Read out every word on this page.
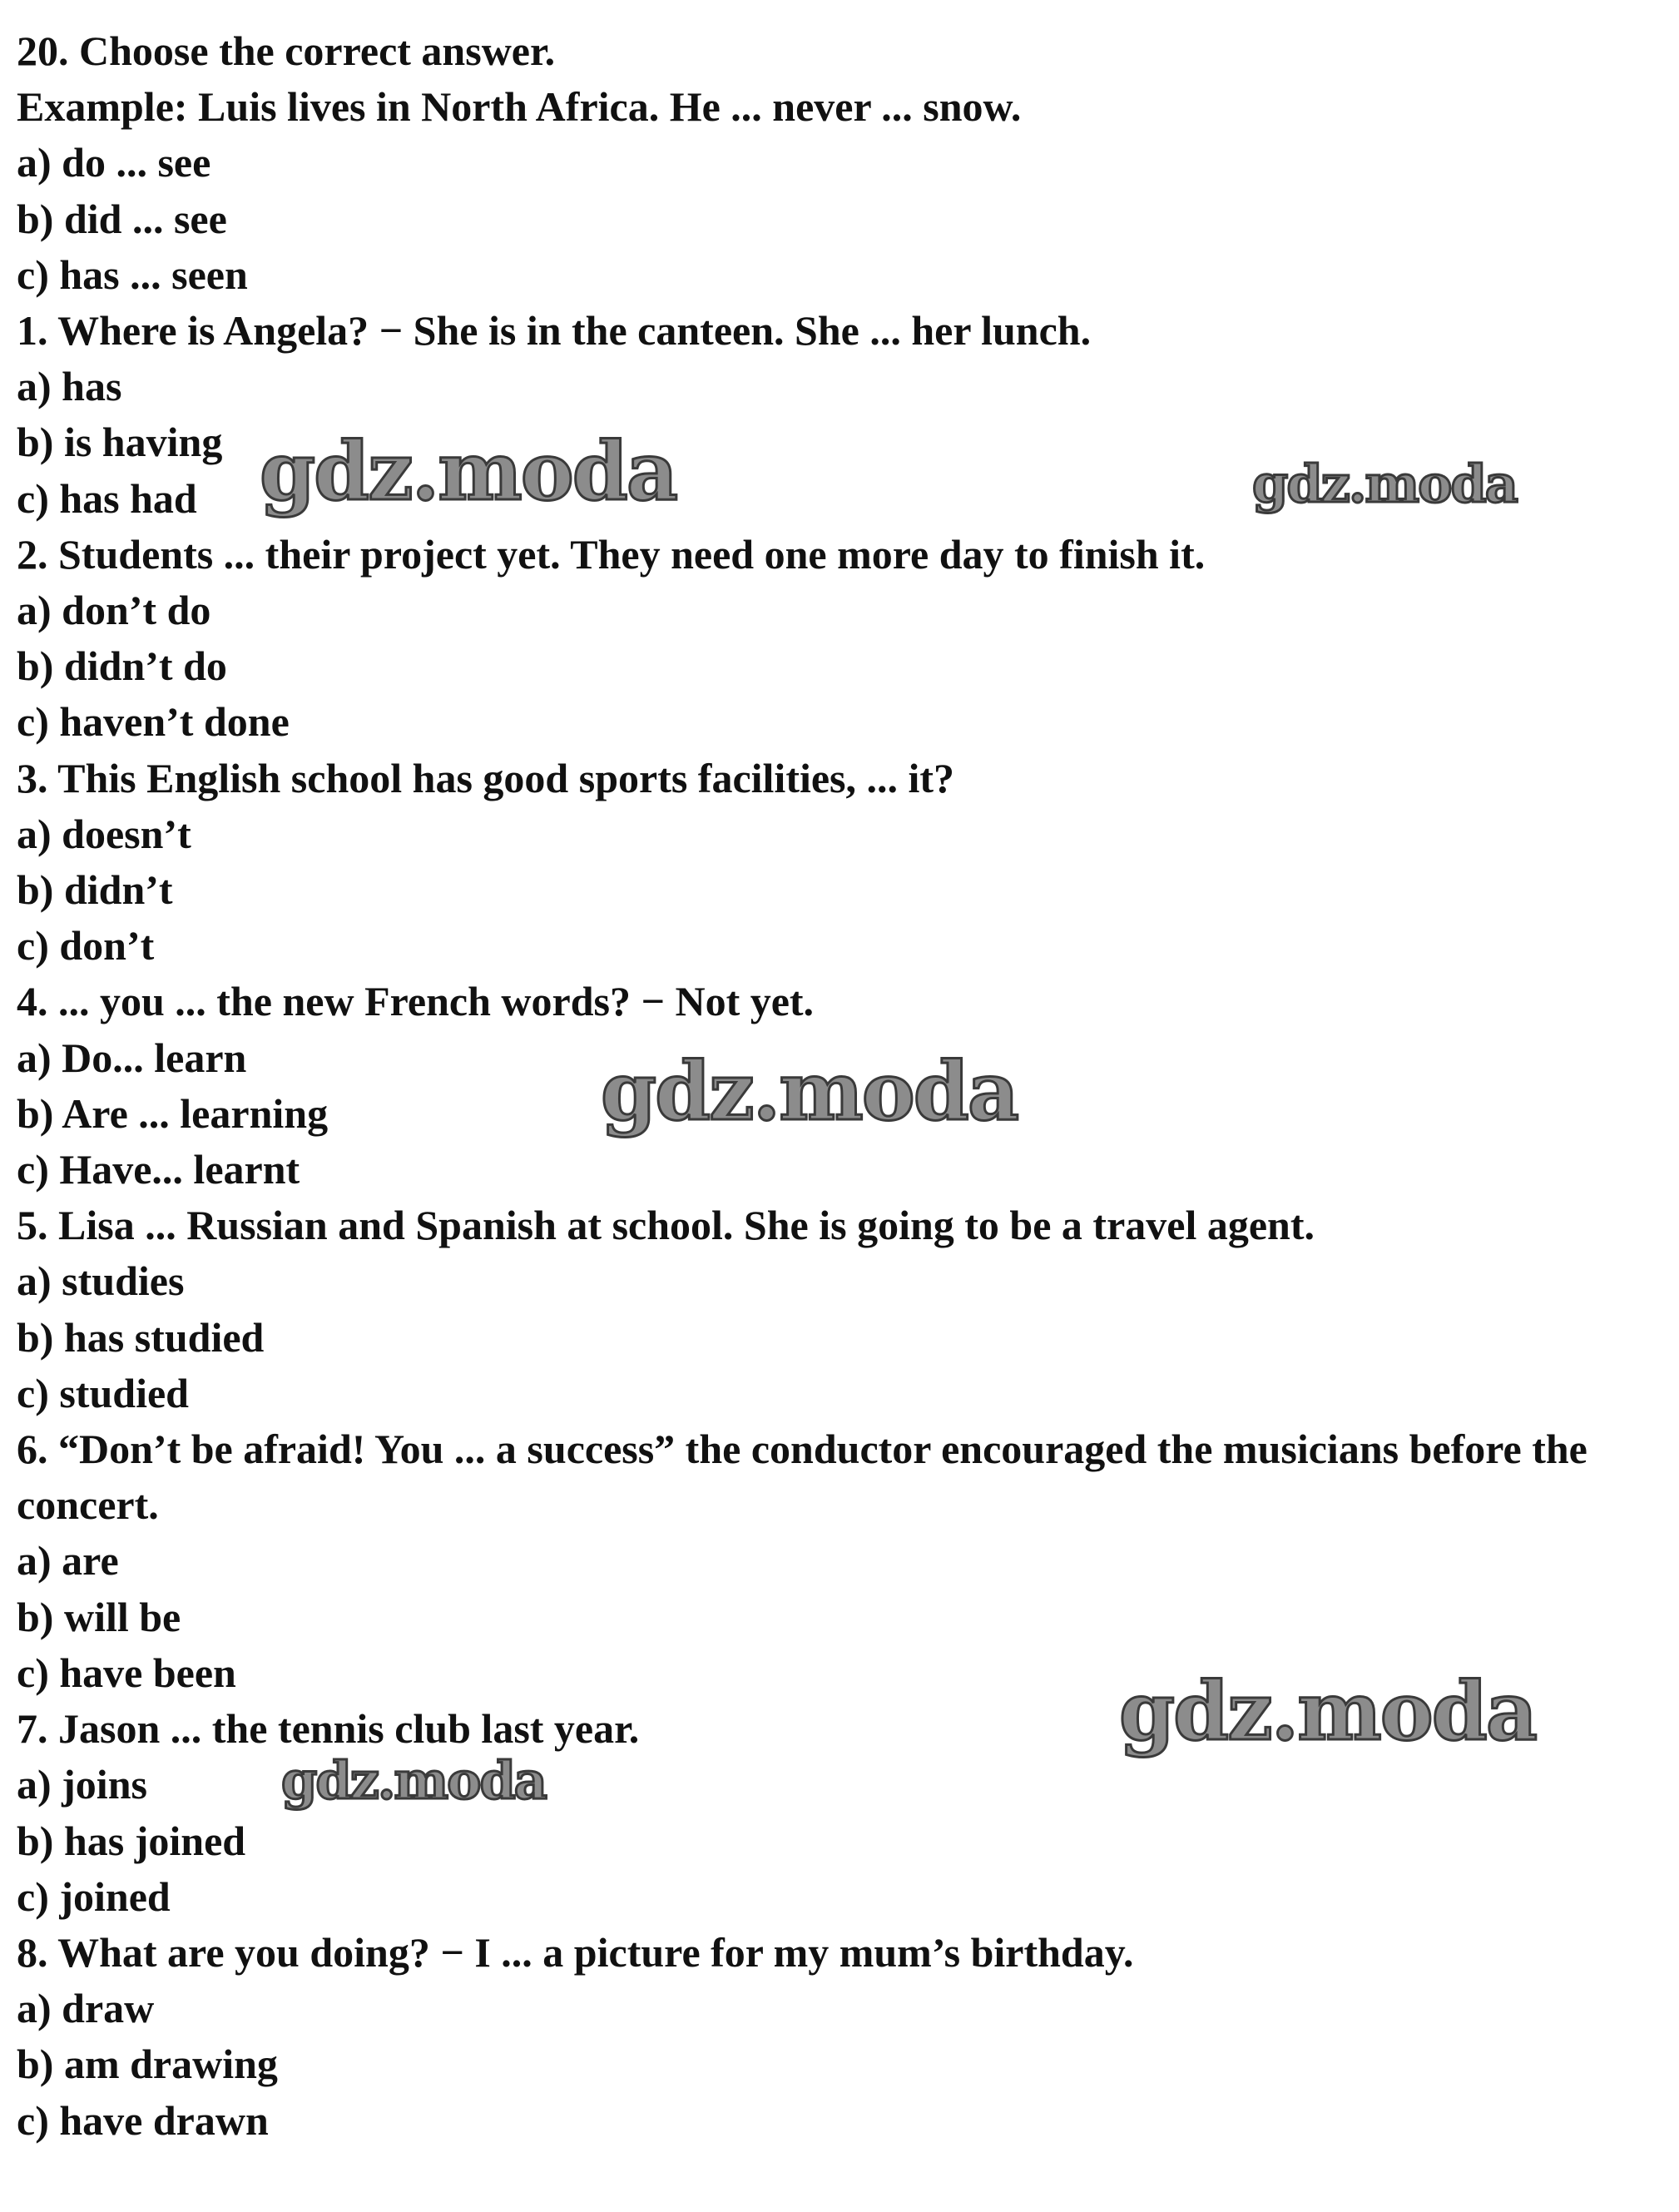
20. Choose the correct answer.

Example: Luis lives in North Africa. He ... never ... snow.

a) do ... see

b) did ... see

c) has ... seen

1. Where is Angela? − She is in the canteen. She ... her lunch.

a) has

b) is having

c) has had

2. Students ... their project yet. They need one more day to finish it.

a) don’t do

b) didn’t do

c) haven’t done

3. This English school has good sports facilities, ... it?

a) doesn’t

b) didn’t

c) don’t

4. ... you ... the new French words? − Not yet.

a) Do... learn

b) Are ... learning

c) Have... learnt

5. Lisa ... Russian and Spanish at school. She is going to be a travel agent.

a) studies

b) has studied

c) studied

6. “Don’t be afraid! You ... a success” the conductor encouraged the musicians before the concert.

a) are

b) will be

c) have been

7. Jason ... the tennis club last year.

a) joins

b) has joined

c) joined

8. What are you doing? − I ... a picture for my mum’s birthday.

a) draw

b) am drawing

c) have drawn

gdz.moda	gdz.moda
gdz.moda
gdz.moda
gdz.moda
